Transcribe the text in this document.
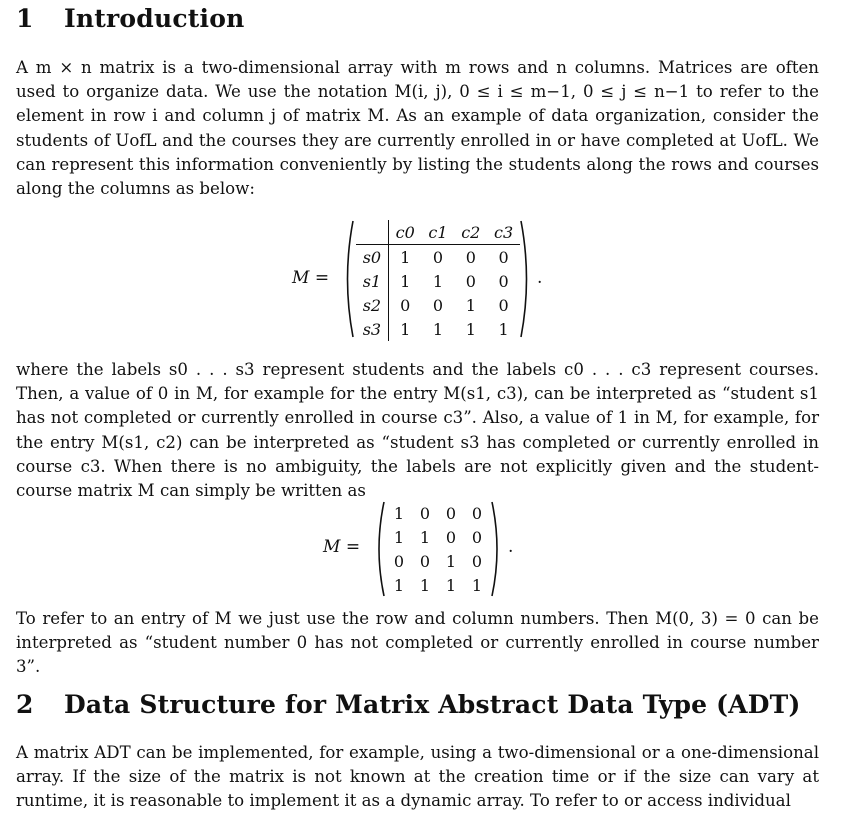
1 Introduction

A m × n matrix is a two-dimensional array with m rows and n columns. Matrices are often used to organize data. We use the notation M(i, j), 0 ≤ i ≤ m−1, 0 ≤ j ≤ n−1 to refer to the element in row i and column j of matrix M. As an example of data organization, consider the students of UofL and the courses they are currently enrolled in or have completed at UofL. We can represent this information conveniently by listing the students along the rows and courses along the columns as below:

M =
	c0	c1	c2	c3
s0	1	0	0	0
s1	1	1	0	0
s2	0	0	1	0
s3	1	1	1	1
.

where the labels s0 . . . s3 represent students and the labels c0 . . . c3 represent courses. Then, a value of 0 in M, for example for the entry M(s1, c3), can be interpreted as “student s1 has not completed or currently enrolled in course c3”. Also, a value of 1 in M, for example, for the entry M(s1, c2) can be interpreted as “student s3 has completed or currently enrolled in course c3. When there is no ambiguity, the labels are not explicitly given and the student-course matrix M can simply be written as

M =
1	0	0	0
1	1	0	0
0	0	1	0
1	1	1	1
.

To refer to an entry of M we just use the row and column numbers. Then M(0, 3) = 0 can be interpreted as “student number 0 has not completed or currently enrolled in course number 3”.

2 Data Structure for Matrix Abstract Data Type (ADT)

A matrix ADT can be implemented, for example, using a two-dimensional or a one-dimensional array. If the size of the matrix is not known at the creation time or if the size can vary at runtime, it is reasonable to implement it as a dynamic array. To refer to or access individual
